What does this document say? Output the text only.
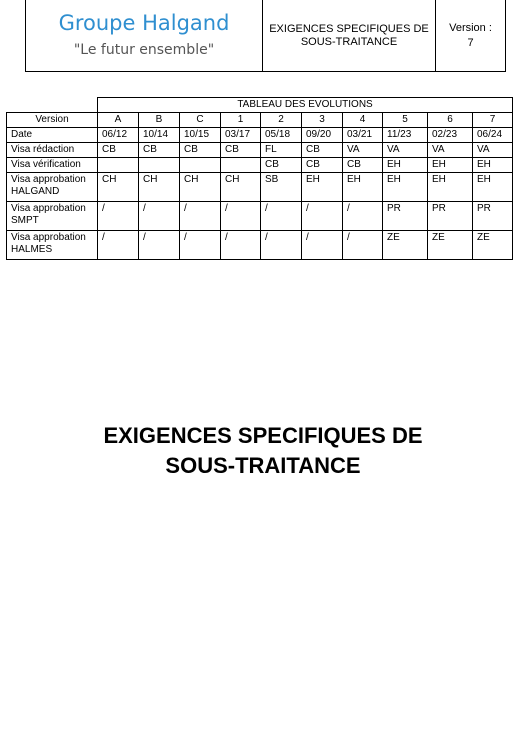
Groupe Halgand
"Le futur ensemble"
EXIGENCES SPECIFIQUES DE SOUS-TRAITANCE
Version :
7
	TABLEAU DES EVOLUTIONS									
Version	A	B	C	1	2	3	4	5	6	7
Date	06/12	10/14	10/15	03/17	05/18	09/20	03/21	11/23	02/23	06/24
Visa rédaction	CB	CB	CB	CB	FL	CB	VA	VA	VA	VA
Visa vérification					CB	CB	CB	EH	EH	EH
Visa approbation HALGAND	CH	CH	CH	CH	SB	EH	EH	EH	EH	EH
Visa approbation SMPT	/	/	/	/	/	/	/	PR	PR	PR
Visa approbation HALMES	/	/	/	/	/	/	/	ZE	ZE	ZE
EXIGENCES SPECIFIQUES DE
SOUS-TRAITANCE
